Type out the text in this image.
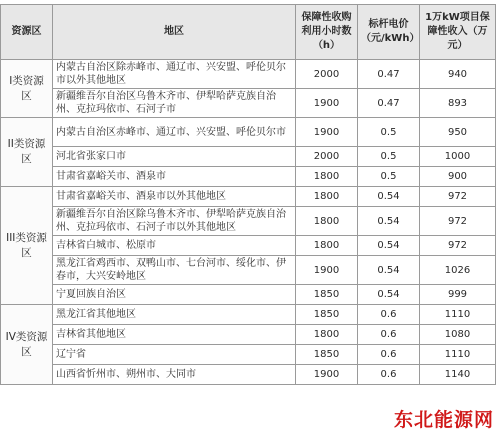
资源区	地区	保障性收购利用小时数（h）	标杆电价（元/kWh）	1万kW项目保障性收入（万元）
I类资源区	内蒙古自治区除赤峰市、通辽市、兴安盟、呼伦贝尔市以外其他地区	2000	0.47	940
	新疆维吾尔自治区乌鲁木齐市、伊犁哈萨克族自治州、克拉玛依市、石河子市	1900	0.47	893
II类资源区	内蒙古自治区赤峰市、通辽市、兴安盟、呼伦贝尔市	1900	0.5	950
	河北省张家口市	2000	0.5	1000
	甘肃省嘉峪关市、酒泉市	1800	0.5	900
III类资源区	甘肃省嘉峪关市、酒泉市以外其他地区	1800	0.54	972
	新疆维吾尔自治区除乌鲁木齐市、伊犁哈萨克族自治州、克拉玛依市、石河子市以外其他地区	1800	0.54	972
	吉林省白城市、松原市	1800	0.54	972
	黑龙江省鸡西市、双鸭山市、七台河市、绥化市、伊春市，大兴安岭地区	1900	0.54	1026
	宁夏回族自治区	1850	0.54	999
IV类资源区	黑龙江省其他地区	1850	0.6	1110
	吉林省其他地区	1800	0.6	1080
	辽宁省	1850	0.6	1110
	山西省忻州市、朔州市、大同市	1900	0.6	1140
东北能源网
